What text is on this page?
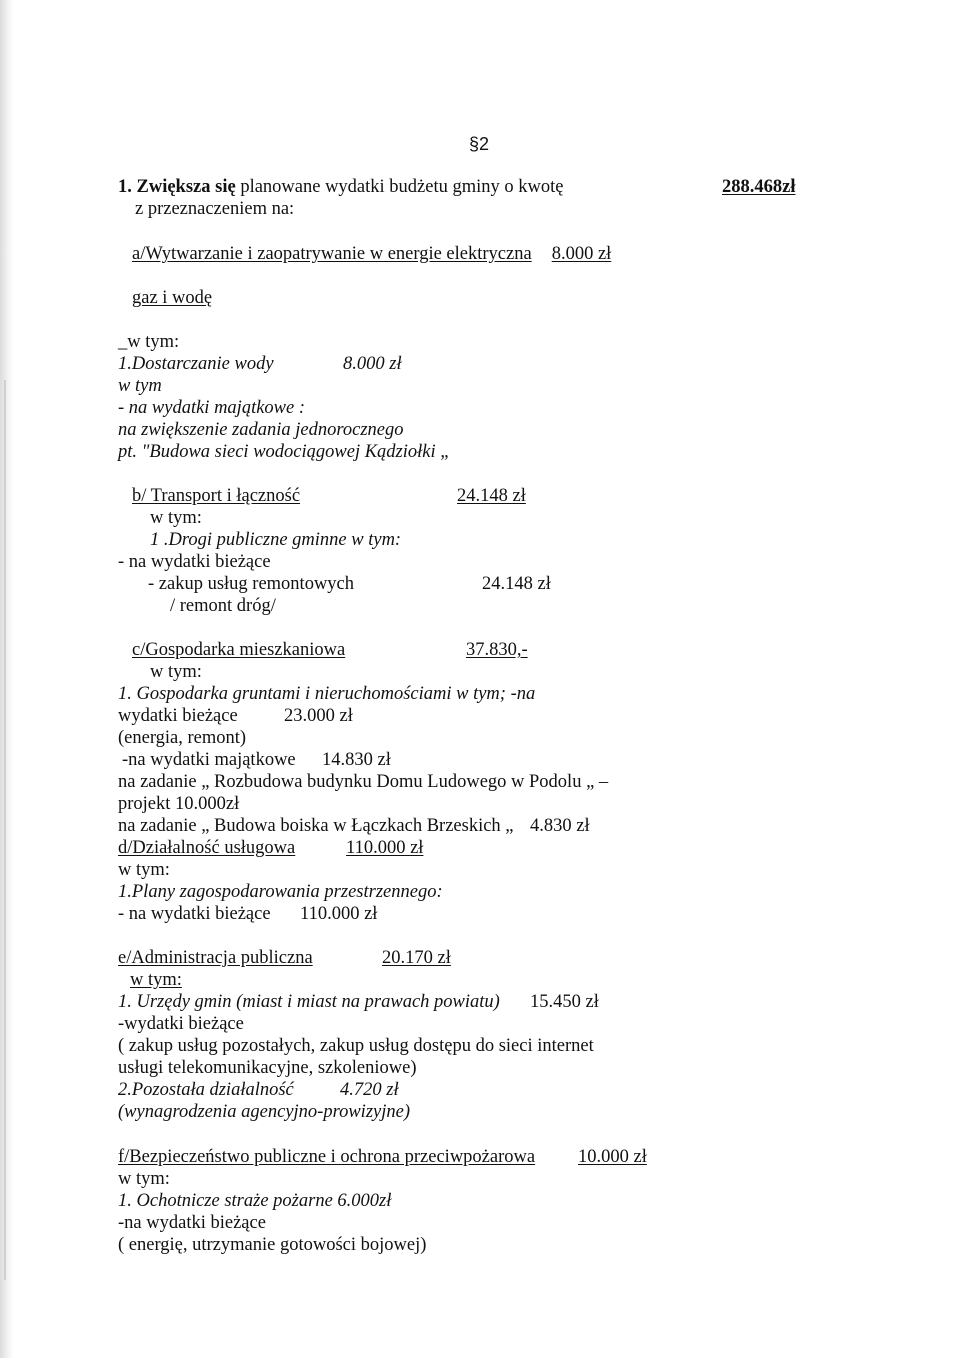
§2
1. Zwiększa się planowane wydatki budżetu gminy o kwotę	288.468zł
z przeznaczeniem na:
a/Wytwarzanie i zaopatrywanie w energie elektryczna 8.000 zł
gaz i wodę
_w tym:
1.Dostarczanie wody	8.000 zł
w tym
- na wydatki majątkowe :
na zwiększenie zadania jednorocznego
pt. "Budowa sieci wodociągowej Kądziołki „
b/ Transport i łączność	24.148 zł
w tym:
1 .Drogi publiczne gminne w tym:
- na wydatki bieżące
- zakup usług remontowych	24.148 zł
/ remont dróg/
c/Gospodarka mieszkaniowa	37.830,-
w tym:
1. Gospodarka gruntami i nieruchomościami w tym; -na
wydatki bieżące	23.000 zł
(energia, remont)
-na wydatki majątkowe 14.830 zł
na zadanie „ Rozbudowa budynku Domu Ludowego w Podolu „ –
projekt 10.000zł
na zadanie „ Budowa boiska w Łączkach Brzeskich „ 4.830 zł
d/Działalność usługowa	110.000 zł
w tym:
1.Plany zagospodarowania przestrzennego:
- na wydatki bieżące 110.000 zł
e/Administracja publiczna	20.170 zł
w tym:
1. Urzędy gmin (miast i miast na prawach powiatu) 15.450 zł
-wydatki bieżące
( zakup usług pozostałych, zakup usług dostępu do sieci internet
usługi telekomunikacyjne, szkoleniowe)
2.Pozostała działalność 4.720 zł
(wynagrodzenia agencyjno-prowizyjne)
f/Bezpieczeństwo publiczne i ochrona przeciwpożarowa	10.000 zł
w tym:
1. Ochotnicze straże pożarne 6.000zł
-na wydatki bieżące
( energię, utrzymanie gotowości bojowej)
